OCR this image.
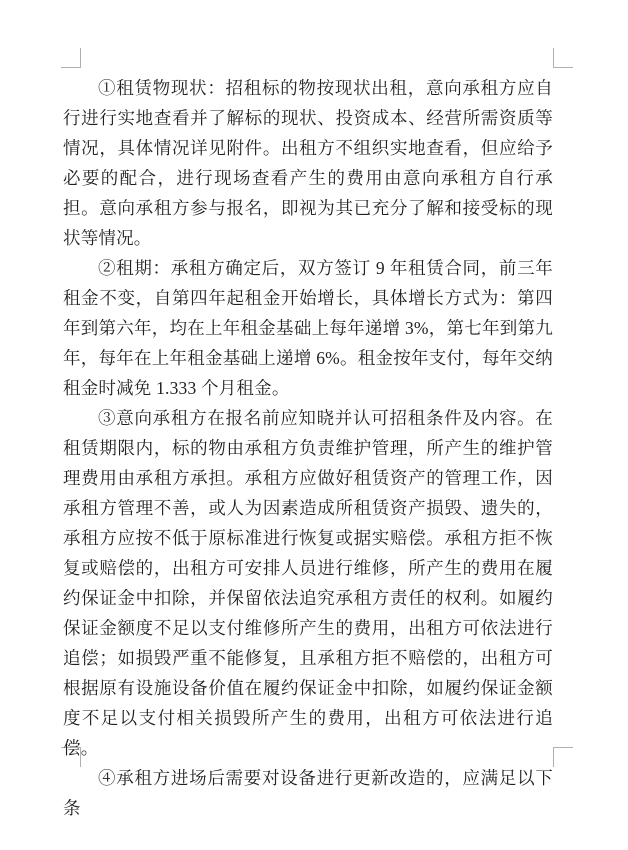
①租赁物现状：招租标的物按现状出租，意向承租方应自行进行实地查看并了解标的现状、投资成本、经营所需资质等情况，具体情况详见附件。出租方不组织实地查看，但应给予必要的配合，进行现场查看产生的费用由意向承租方自行承担。意向承租方参与报名，即视为其已充分了解和接受标的现状等情况。

②租期：承租方确定后，双方签订 9 年租赁合同，前三年租金不变，自第四年起租金开始增长，具体增长方式为：第四年到第六年，均在上年租金基础上每年递增 3%，第七年到第九年，每年在上年租金基础上递增 6%。租金按年支付，每年交纳租金时减免 1.333 个月租金。

③意向承租方在报名前应知晓并认可招租条件及内容。在租赁期限内，标的物由承租方负责维护管理，所产生的维护管理费用由承租方承担。承租方应做好租赁资产的管理工作，因承租方管理不善，或人为因素造成所租赁资产损毁、遗失的，承租方应按不低于原标准进行恢复或据实赔偿。承租方拒不恢复或赔偿的，出租方可安排人员进行维修，所产生的费用在履约保证金中扣除，并保留依法追究承租方责任的权利。如履约保证金额度不足以支付维修所产生的费用，出租方可依法进行追偿；如损毁严重不能修复，且承租方拒不赔偿的，出租方可根据原有设施设备价值在履约保证金中扣除，如履约保证金额度不足以支付相关损毁所产生的费用，出租方可依法进行追偿。

④承租方进场后需要对设备进行更新改造的，应满足以下条
